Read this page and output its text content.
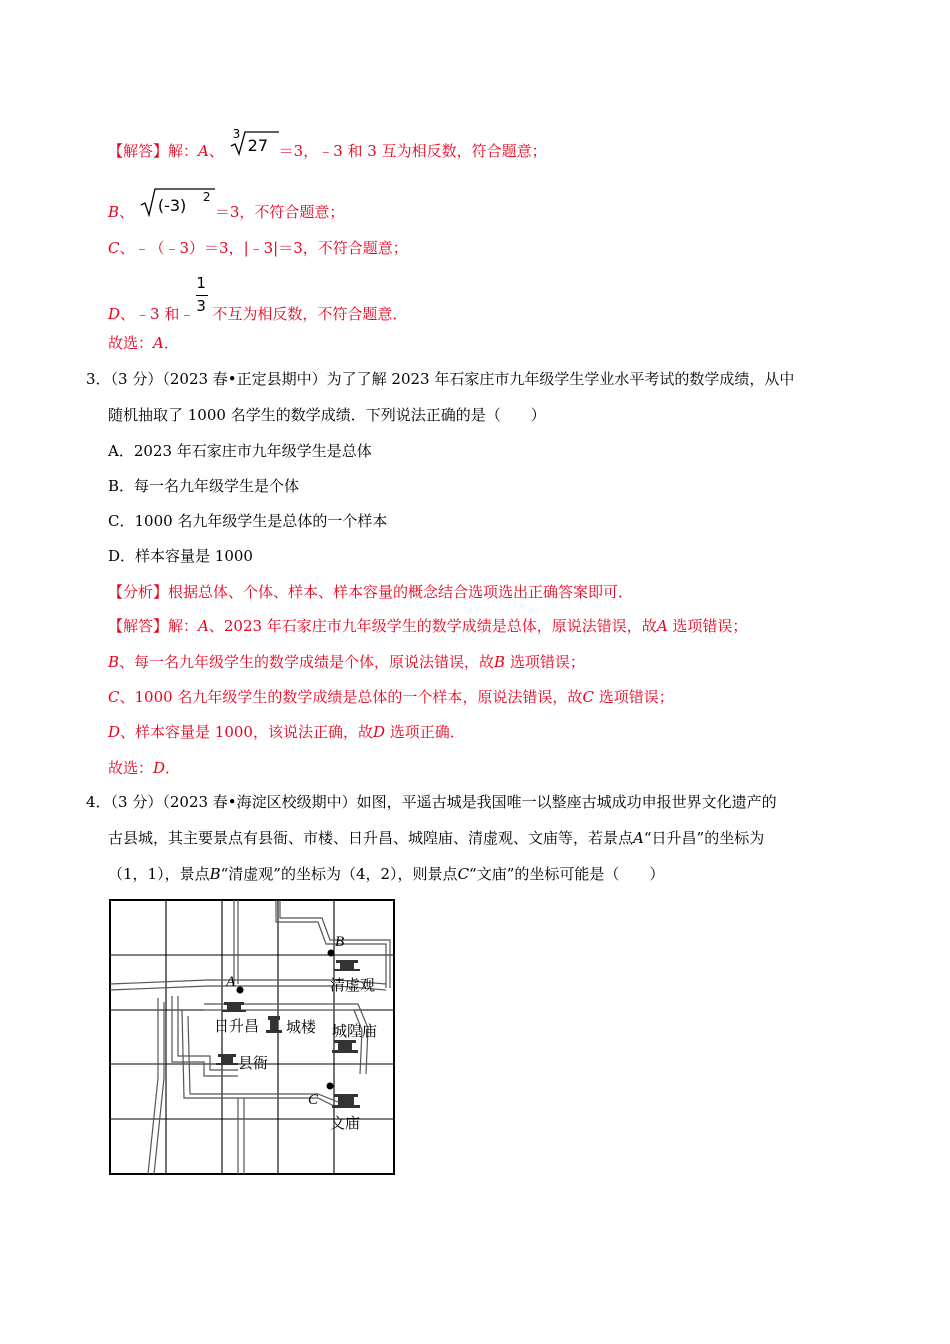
【解答】解：A、
3
27 ＝3，﹣3 和 3 互为相反数，符合题意；
B、 (-3) 2
＝3，不符合题意；
C、﹣（﹣3）＝3，|﹣3|＝3，不符合题意；
D、﹣3 和﹣ $\frac{1}{3}$ 不互为相反数，不符合题意．
故选：A．
3．（3 分）（2023 春•正定县期中）为了了解 2023 年石家庄市九年级学生学业水平考试的数学成绩，从中
随机抽取了 1000 名学生的数学成绩．下列说法正确的是（　　）
A．2023 年石家庄市九年级学生是总体
B．每一名九年级学生是个体
C．1000 名九年级学生是总体的一个样本
D．样本容量是 1000
【分析】根据总体、个体、样本、样本容量的概念结合选项选出正确答案即可．
【解答】解：A、2023 年石家庄市九年级学生的数学成绩是总体，原说法错误，故A 选项错误；
B、每一名九年级学生的数学成绩是个体，原说法错误，故B 选项错误；
C、1000 名九年级学生的数学成绩是总体的一个样本，原说法错误，故C 选项错误；
D、样本容量是 1000，该说法正确，故D 选项正确．
故选：D．
4．（3 分）（2023 春•海淀区校级期中）如图，平遥古城是我国唯一以整座古城成功申报世界文化遗产的
古县城，其主要景点有县衙、市楼、日升昌、城隍庙、清虚观、文庙等，若景点A“日升昌”的坐标为
（1，1），景点B“清虚观”的坐标为（4，2），则景点C“文庙”的坐标可能是（　　）
A
B
C
清虚观
日升昌 城楼 城隍庙
县衙
文庙
